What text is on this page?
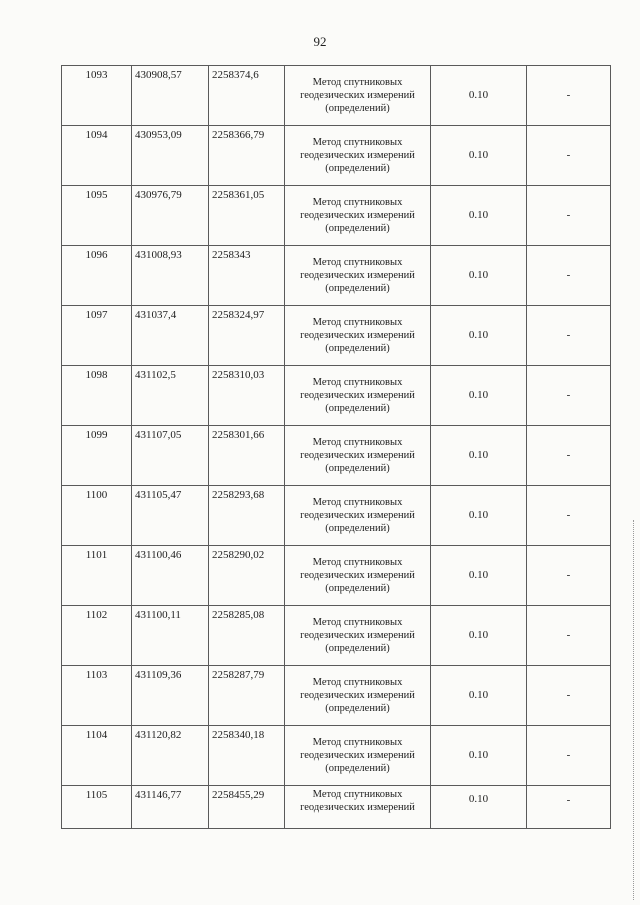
92
1093	430908,57	2258374,6	Метод спутниковых геодезических измерений (определений)	0.10	-
1094	430953,09	2258366,79	Метод спутниковых геодезических измерений (определений)	0.10	-
1095	430976,79	2258361,05	Метод спутниковых геодезических измерений (определений)	0.10	-
1096	431008,93	2258343	Метод спутниковых геодезических измерений (определений)	0.10	-
1097	431037,4	2258324,97	Метод спутниковых геодезических измерений (определений)	0.10	-
1098	431102,5	2258310,03	Метод спутниковых геодезических измерений (определений)	0.10	-
1099	431107,05	2258301,66	Метод спутниковых геодезических измерений (определений)	0.10	-
1100	431105,47	2258293,68	Метод спутниковых геодезических измерений (определений)	0.10	-
1101	431100,46	2258290,02	Метод спутниковых геодезических измерений (определений)	0.10	-
1102	431100,11	2258285,08	Метод спутниковых геодезических измерений (определений)	0.10	-
1103	431109,36	2258287,79	Метод спутниковых геодезических измерений (определений)	0.10	-
1104	431120,82	2258340,18	Метод спутниковых геодезических измерений (определений)	0.10	-
1105	431146,77	2258455,29	Метод спутниковых геодезических измерений	0.10	-
